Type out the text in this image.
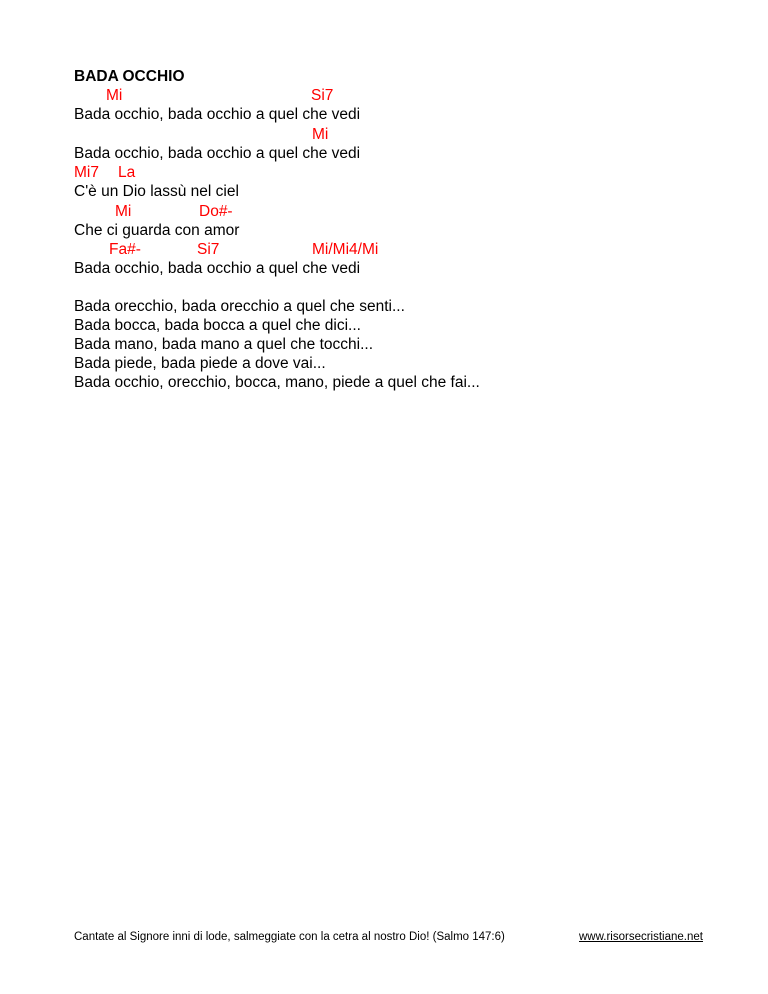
BADA OCCHIO
Mi	Si7
Bada occhio, bada occhio a quel che vedi
Mi
Bada occhio, bada occhio a quel che vedi
Mi7 La
C'è un Dio lassù nel ciel
Mi	Do#-
Che ci guarda con amor
Fa#-	Si7	Mi/Mi4/Mi
Bada occhio, bada occhio a quel che vedi
Bada orecchio, bada orecchio a quel che senti...
Bada bocca, bada bocca a quel che dici...
Bada mano, bada mano a quel che tocchi...
Bada piede, bada piede a dove vai...
Bada occhio, orecchio, bocca, mano, piede a quel che fai...
Cantate al Signore inni di lode, salmeggiate con la cetra al nostro Dio! (Salmo 147:6)	www.risorsecristiane.net
